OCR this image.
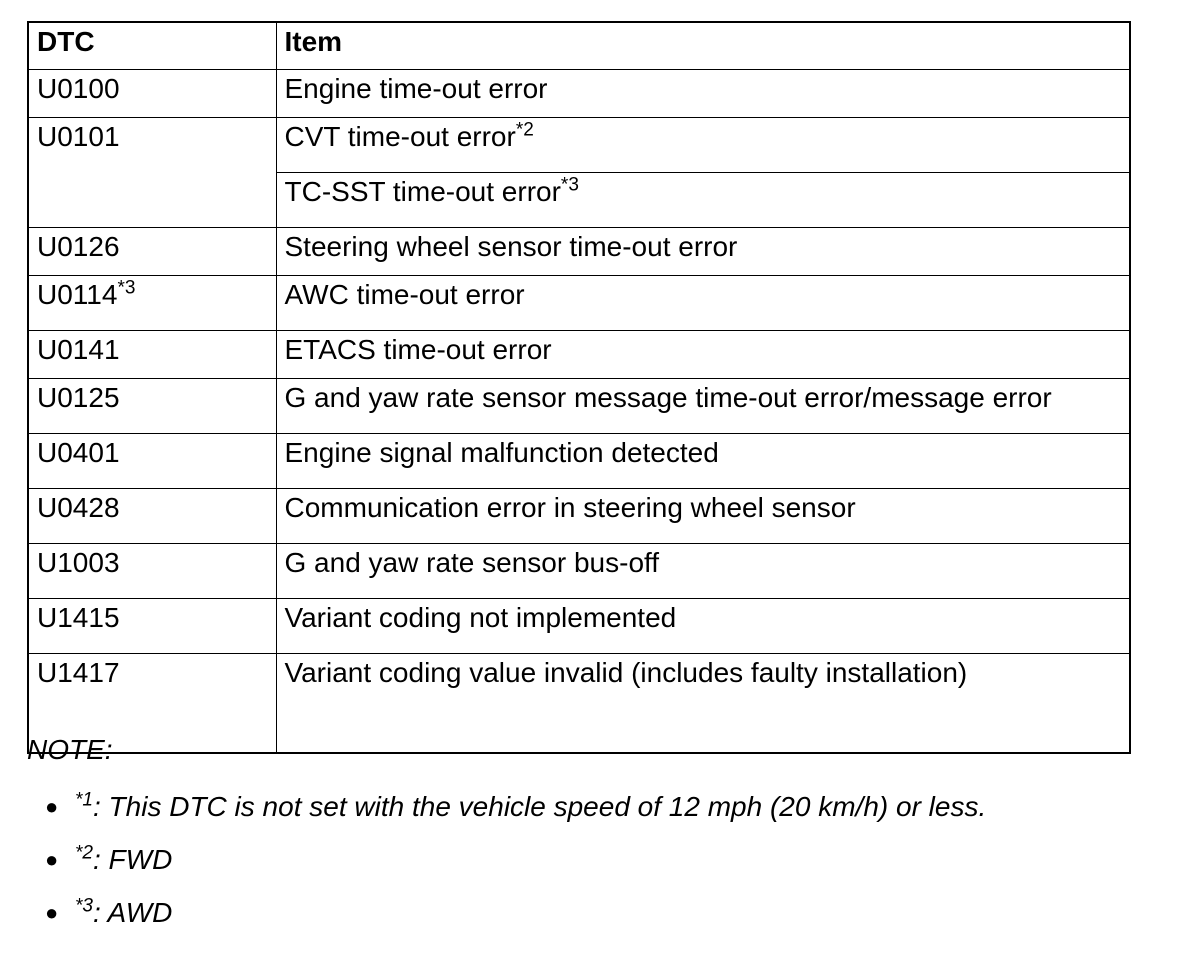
DTC	Item
U0100	Engine time-out error
U0101	CVT time-out error$^{*2}$
	TC-SST time-out error$^{*3}$
U0126	Steering wheel sensor time-out error
U0114$^{*3}$	AWC time-out error
U0141	ETACS time-out error
U0125	G and yaw rate sensor message time-out error/message error
U0401	Engine signal malfunction detected
U0428	Communication error in steering wheel sensor
U1003	G and yaw rate sensor bus-off
U1415	Variant coding not implemented
U1417	Variant coding value invalid (includes faulty installation)
NOTE:
● $^{*1}$: This DTC is not set with the vehicle speed of 12 mph (20 km/h) or less.
● $^{*2}$: FWD
● $^{*3}$: AWD
